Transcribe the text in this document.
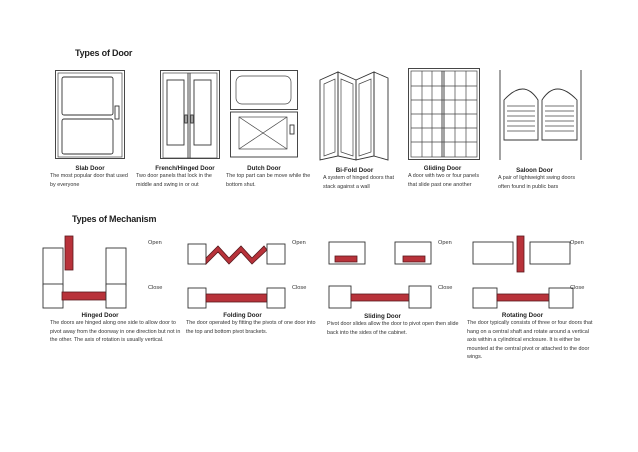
Types of Door
Types of Mechanism
Slab Door
The most popular door that used by everyone
French/Hinged Door
Two door panels that lock in the middle and swing in or out
Dutch Door
The top part can be move while the bottom shut.
Bi-Fold Door
A system of hinged doors that stack against a wall
Gliding Door
A door with two or four panels that slide past one another
Saloon Door
A pair of lightweight swing doors often found in public bars
Open
Close
Open
Close
Open
Close
Open
Close
Hinged Door
The doors are hinged along one side to allow door to pivot away from the doorway in one direction but not in the other. The axis of rotation is usually vertical.
Folding Door
The door operated by fitting the pivots of one door into the top and bottom pivot brackets.
Sliding Door
Pivot door slides allow the door to pivot open then slide back into the sides of the cabinet.
Rotating Door
The door typically consists of three or four doors that hang on a central shaft and rotate around a vertical axis within a cylindrical enclosure. It is either be mounted at the central pivot or attached to the door wings.
